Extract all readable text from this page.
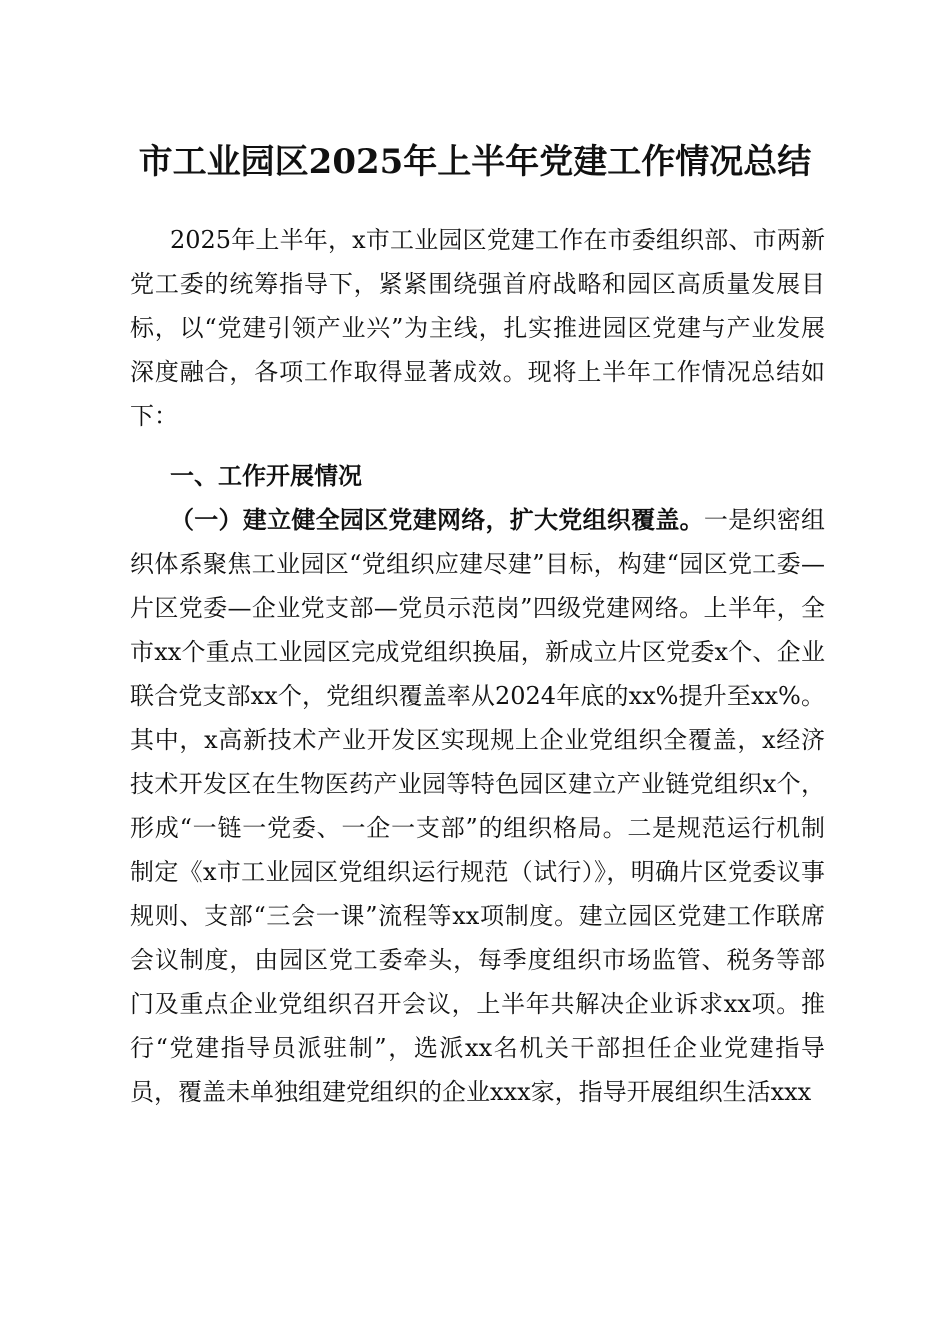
市工业园区2025年上半年党建工作情况总结
2025年上半年，x市工业园区党建工作在市委组织部、市两新党工委的统筹指导下，紧紧围绕强首府战略和园区高质量发展目标，以“党建引领产业兴”为主线，扎实推进园区党建与产业发展深度融合，各项工作取得显著成效。现将上半年工作情况总结如下：
一、工作开展情况
（一）建立健全园区党建网络，扩大党组织覆盖。一是织密组织体系聚焦工业园区“党组织应建尽建”目标，构建“园区党工委—片区党委—企业党支部—党员示范岗”四级党建网络。上半年，全市xx个重点工业园区完成党组织换届，新成立片区党委x个、企业联合党支部xx个，党组织覆盖率从2024年底的xx%提升至xx%。其中，x高新技术产业开发区实现规上企业党组织全覆盖，x经济技术开发区在生物医药产业园等特色园区建立产业链党组织x个，形成“一链一党委、一企一支部”的组织格局。二是规范运行机制制定《x市工业园区党组织运行规范（试行）》，明确片区党委议事规则、支部“三会一课”流程等xx项制度。建立园区党建工作联席会议制度，由园区党工委牵头，每季度组织市场监管、税务等部门及重点企业党组织召开会议，上半年共解决企业诉求xx项。推行“党建指导员派驻制”，选派xx名机关干部担任企业党建指导员，覆盖未单独组建党组织的企业xxx家，指导开展组织生活xxx
